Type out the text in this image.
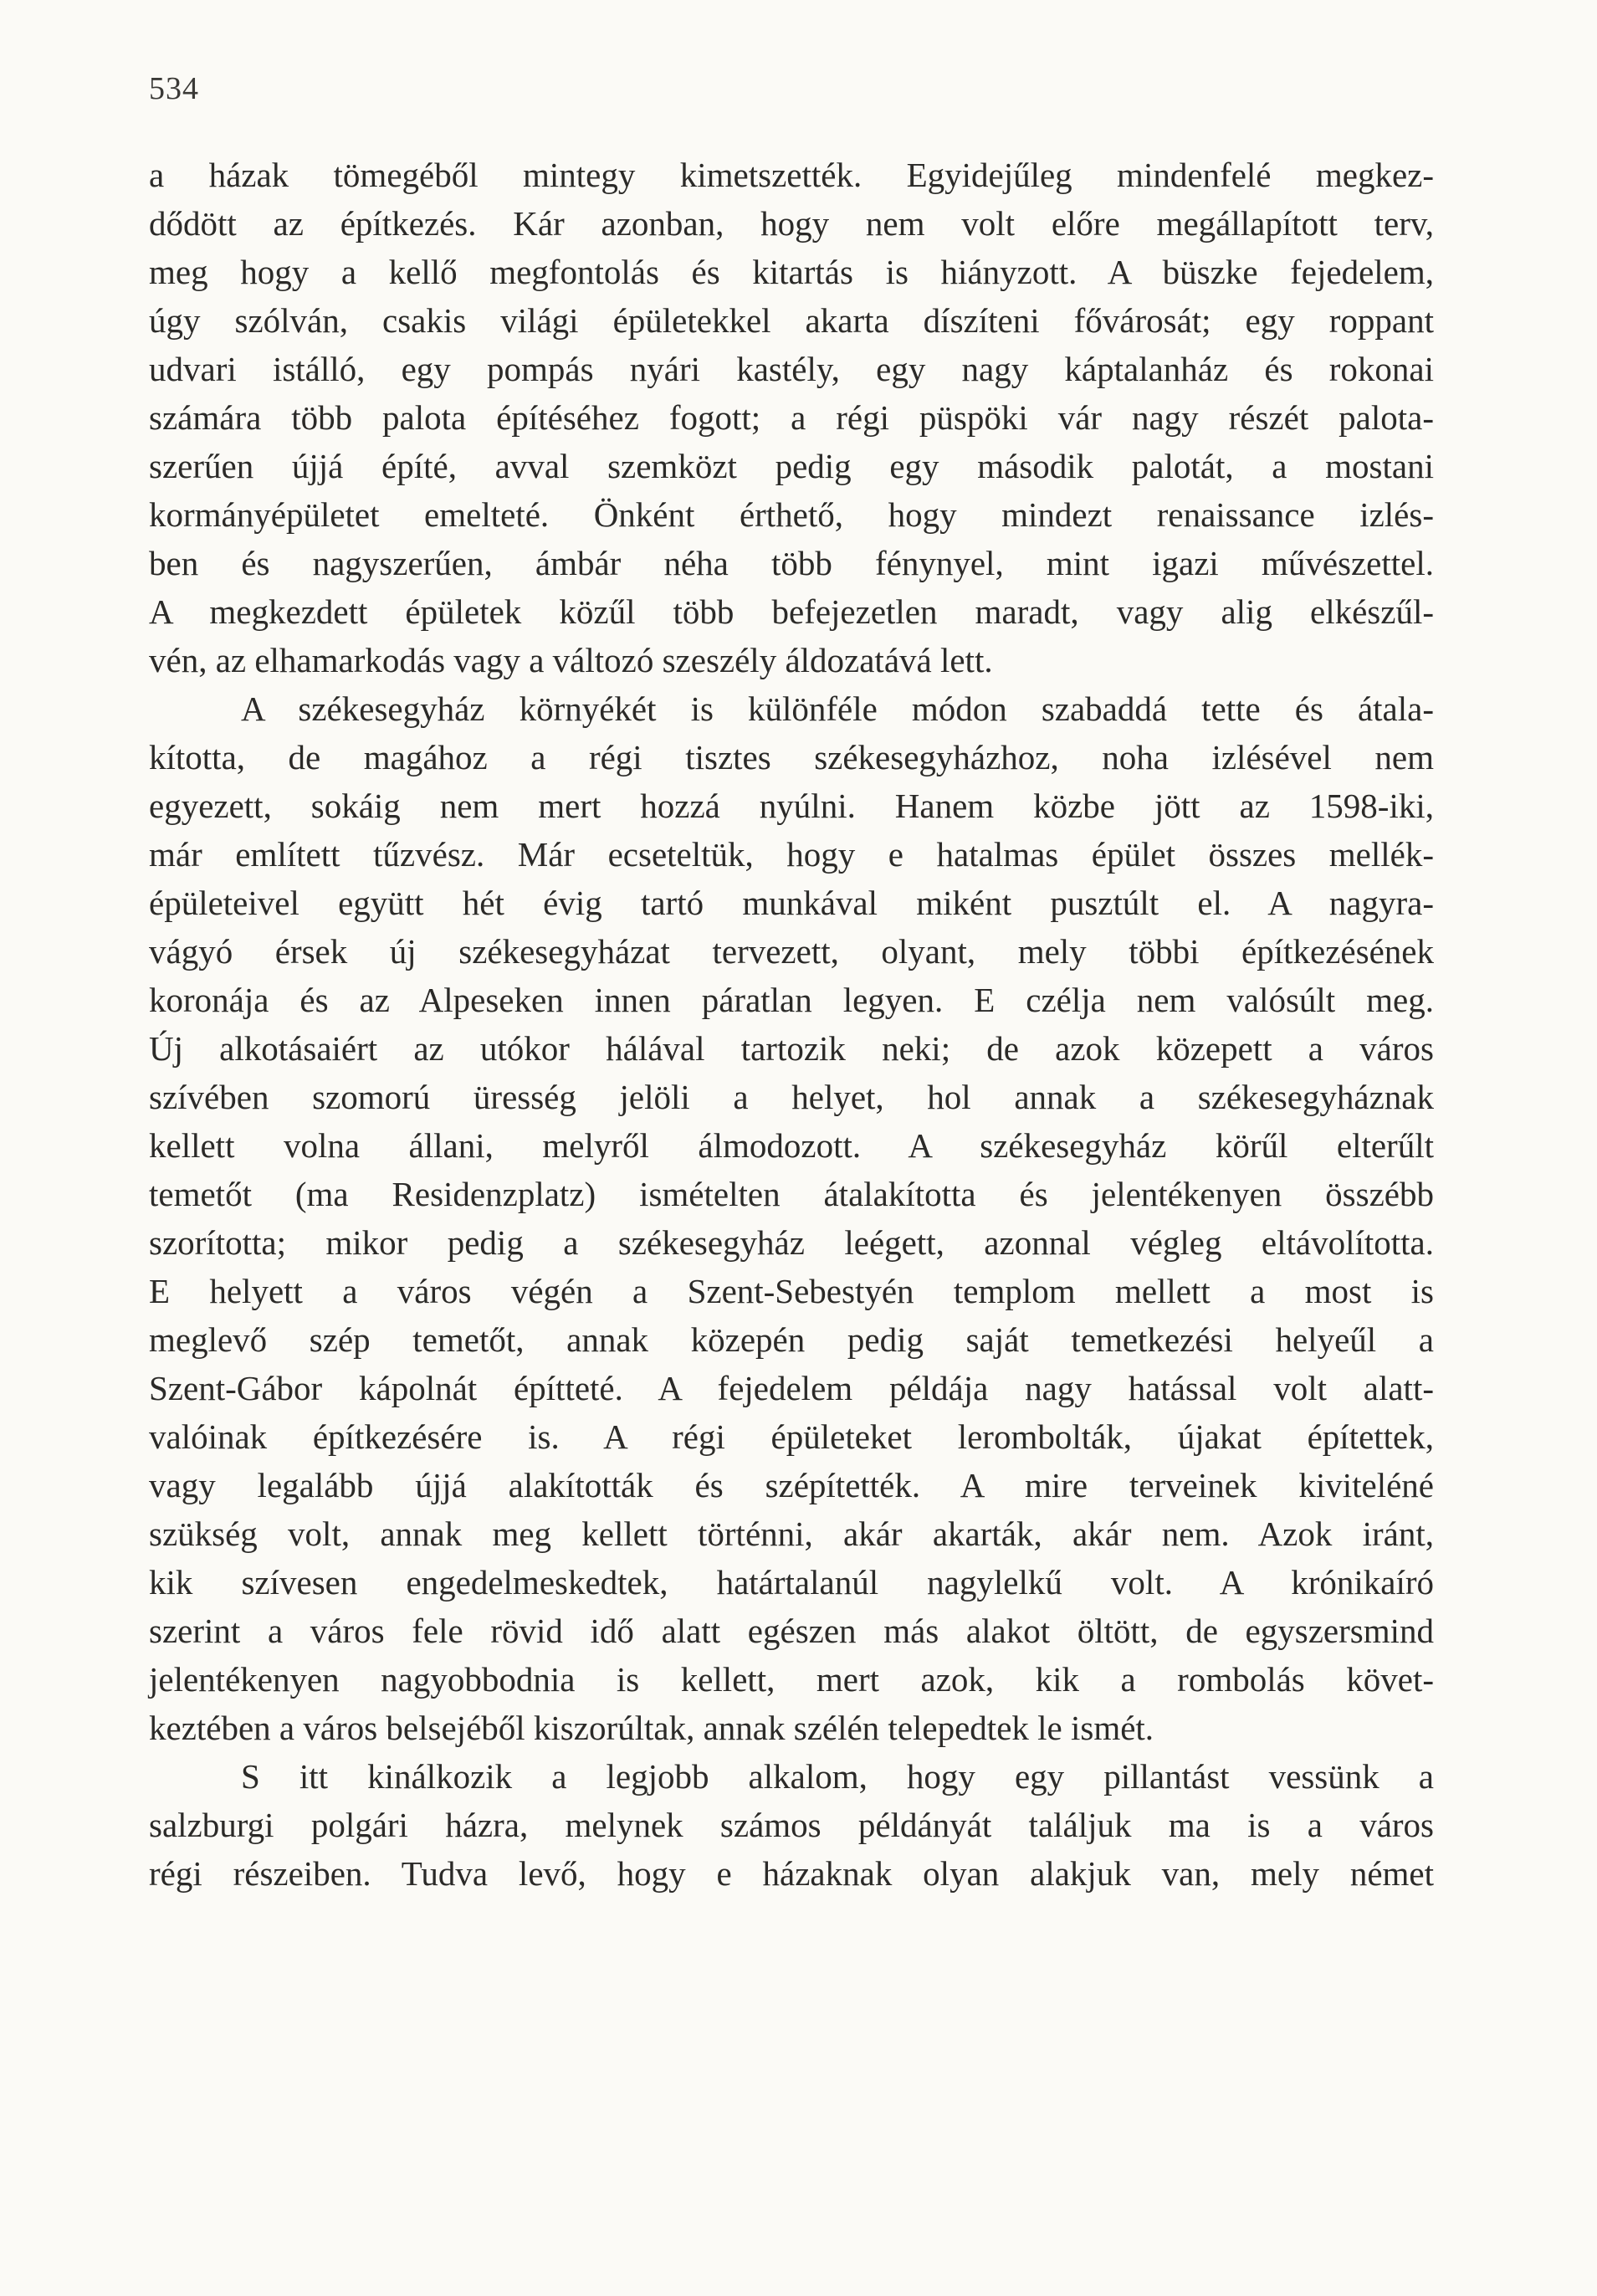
534
a házak tömegéből mintegy kimetszették. Egyidejűleg mindenfelé megkez-
dődött az építkezés. Kár azonban, hogy nem volt előre megállapított terv,
meg hogy a kellő megfontolás és kitartás is hiányzott. A büszke fejedelem,
úgy szólván, csakis világi épületekkel akarta díszíteni fővárosát; egy roppant
udvari istálló, egy pompás nyári kastély, egy nagy káptalanház és rokonai
számára több palota építéséhez fogott; a régi püspöki vár nagy részét palota-
szerűen újjá építé, avval szemközt pedig egy második palotát, a mostani
kormányépületet emelteté. Önként érthető, hogy mindezt renaissance izlés-
ben és nagyszerűen, ámbár néha több fénynyel, mint igazi művészettel.
A megkezdett épületek közűl több befejezetlen maradt, vagy alig elkészűl-
vén, az elhamarkodás vagy a változó szeszély áldozatává lett.
A székesegyház környékét is különféle módon szabaddá tette és átala-
kította, de magához a régi tisztes székesegyházhoz, noha izlésével nem
egyezett, sokáig nem mert hozzá nyúlni. Hanem közbe jött az 1598-iki,
már említett tűzvész. Már ecseteltük, hogy e hatalmas épület összes mellék-
épületeivel együtt hét évig tartó munkával miként pusztúlt el. A nagyra-
vágyó érsek új székesegyházat tervezett, olyant, mely többi építkezésének
koronája és az Alpeseken innen páratlan legyen. E czélja nem valósúlt meg.
Új alkotásaiért az utókor hálával tartozik neki; de azok közepett a város
szívében szomorú üresség jelöli a helyet, hol annak a székesegyháznak
kellett volna állani, melyről álmodozott. A székesegyház körűl elterűlt
temetőt (ma Residenzplatz) ismételten átalakította és jelentékenyen összébb
szorította; mikor pedig a székesegyház leégett, azonnal végleg eltávolította.
E helyett a város végén a Szent-Sebestyén templom mellett a most is
meglevő szép temetőt, annak közepén pedig saját temetkezési helyeűl a
Szent-Gábor kápolnát építteté. A fejedelem példája nagy hatással volt alatt-
valóinak építkezésére is. A régi épületeket lerombolták, újakat építettek,
vagy legalább újjá alakították és szépítették. A mire terveinek kiviteléné
szükség volt, annak meg kellett történni, akár akarták, akár nem. Azok iránt,
kik szívesen engedelmeskedtek, határtalanúl nagylelkű volt. A krónikaíró
szerint a város fele rövid idő alatt egészen más alakot öltött, de egyszersmind
jelentékenyen nagyobbodnia is kellett, mert azok, kik a rombolás követ-
keztében a város belsejéből kiszorúltak, annak szélén telepedtek le ismét.
S itt kinálkozik a legjobb alkalom, hogy egy pillantást vessünk a
salzburgi polgári házra, melynek számos példányát találjuk ma is a város
régi részeiben. Tudva levő, hogy e házaknak olyan alakjuk van, mely német
